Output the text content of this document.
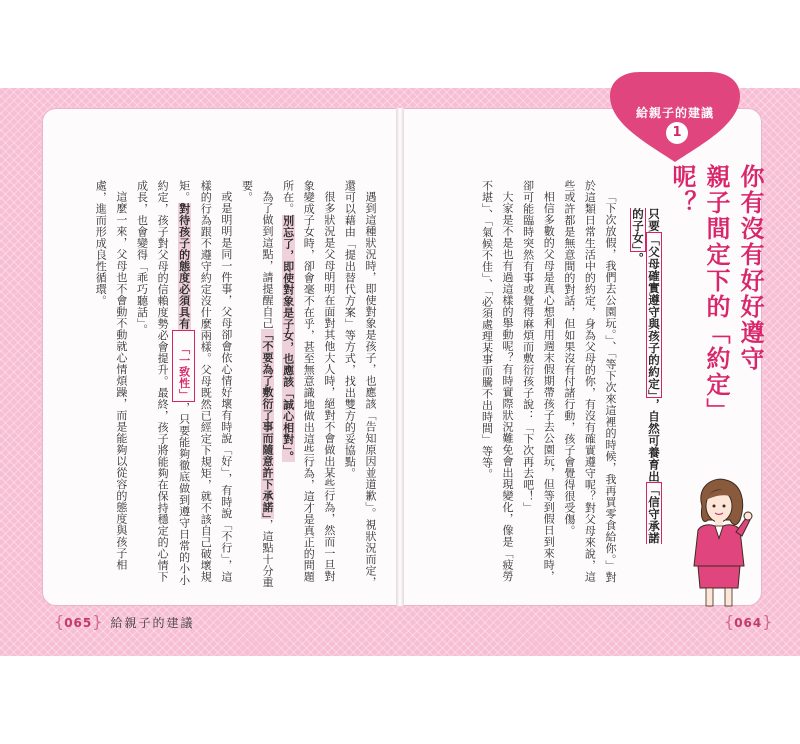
給親子的建議
1
你有沒有好好遵守
親子間定下的「約定」呢？
只要「父母確實遵守與孩子的約定」，自然可養育出「信守承諾的子女」。

「下次放假，我們去公園玩。」、「等下次來這裡的時候，我再買零食給你。」對於這類日常生活中的約定，身為父母的你，有沒有確實遵守呢？對父母來說，這些或許都是無意間的對話，但如果沒有付諸行動，孩子會覺得很受傷。

相信多數的父母是真心想利用週末假期帶孩子去公園玩，但等到假日到來時，卻可能臨時突然有事或覺得麻煩而敷衍孩子說：「下次再去吧！」

大家是不是也有過這樣的舉動呢？有時實際狀況難免會出現變化，像是「疲勞不堪」、「氣候不佳」、「必須處理某事而騰不出時間」等等。

遇到這種狀況時，即使對象是孩子，也應該「告知原因並道歉」。視狀況而定，還可以藉由「提出替代方案」等方式，找出雙方的妥協點。

很多狀況是父母明明在面對其他大人時，絕對不會做出某些行為，然而一旦對象變成子女時，卻會毫不在乎，甚至無意識地做出這些行為，這才是真正的問題所在。別忘了，即使對象是子女，也應該「誠心相對」。

為了做到這點，請提醒自己「不要為了敷衍了事而隨意許下承諾」，這點十分重要。

或是明明是同一件事，父母卻會依心情好壞有時說「好」，有時說「不行」，這樣的行為跟不遵守約定沒什麼兩樣。父母既然已經定下規矩，就不該自己破壞規矩。對待孩子的態度必須具有「一致性」，只要能夠徹底做到遵守日常的小小約定，孩子對父母的信賴度勢必會提升。最終，孩子將能夠在保持穩定的心情下成長，也會變得「乖巧聽話」。

這麼一來，父母也不會動不動就心情煩躁，而是能夠以從容的態度與孩子相處，進而形成良性循環。

{065} 給親子的建議	{064}
